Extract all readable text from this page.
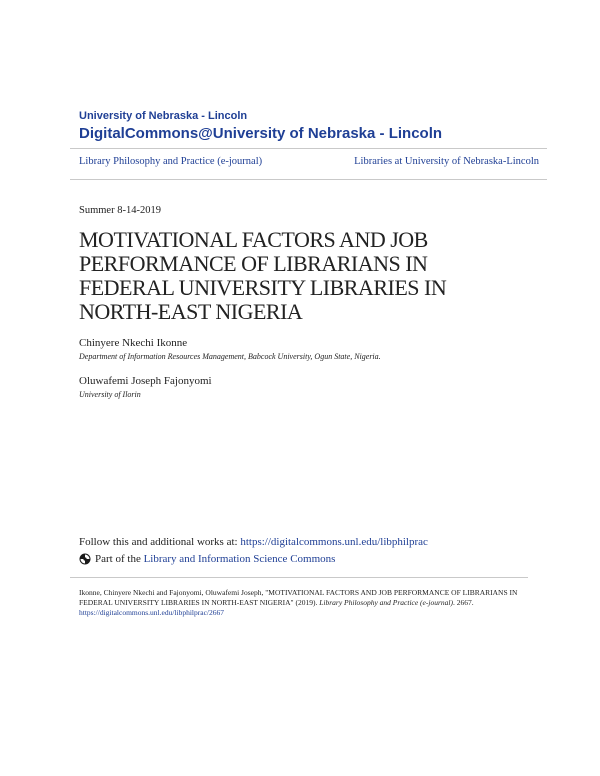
University of Nebraska - Lincoln
DigitalCommons@University of Nebraska - Lincoln
Library Philosophy and Practice (e-journal)	Libraries at University of Nebraska-Lincoln
Summer 8-14-2019
MOTIVATIONAL FACTORS AND JOB PERFORMANCE OF LIBRARIANS IN FEDERAL UNIVERSITY LIBRARIES IN NORTH-EAST NIGERIA
Chinyere Nkechi Ikonne
Department of Information Resources Management, Babcock University, Ogun State, Nigeria.
Oluwafemi Joseph Fajonyomi
University of Ilorin
Follow this and additional works at: https://digitalcommons.unl.edu/libphilprac
Part of the
Library and Information Science Commons
Ikonne, Chinyere Nkechi and Fajonyomi, Oluwafemi Joseph, "MOTIVATIONAL FACTORS AND JOB PERFORMANCE OF LIBRARIANS IN FEDERAL UNIVERSITY LIBRARIES IN NORTH-EAST NIGERIA" (2019). Library Philosophy and Practice (e-journal). 2667.
https://digitalcommons.unl.edu/libphilprac/2667
